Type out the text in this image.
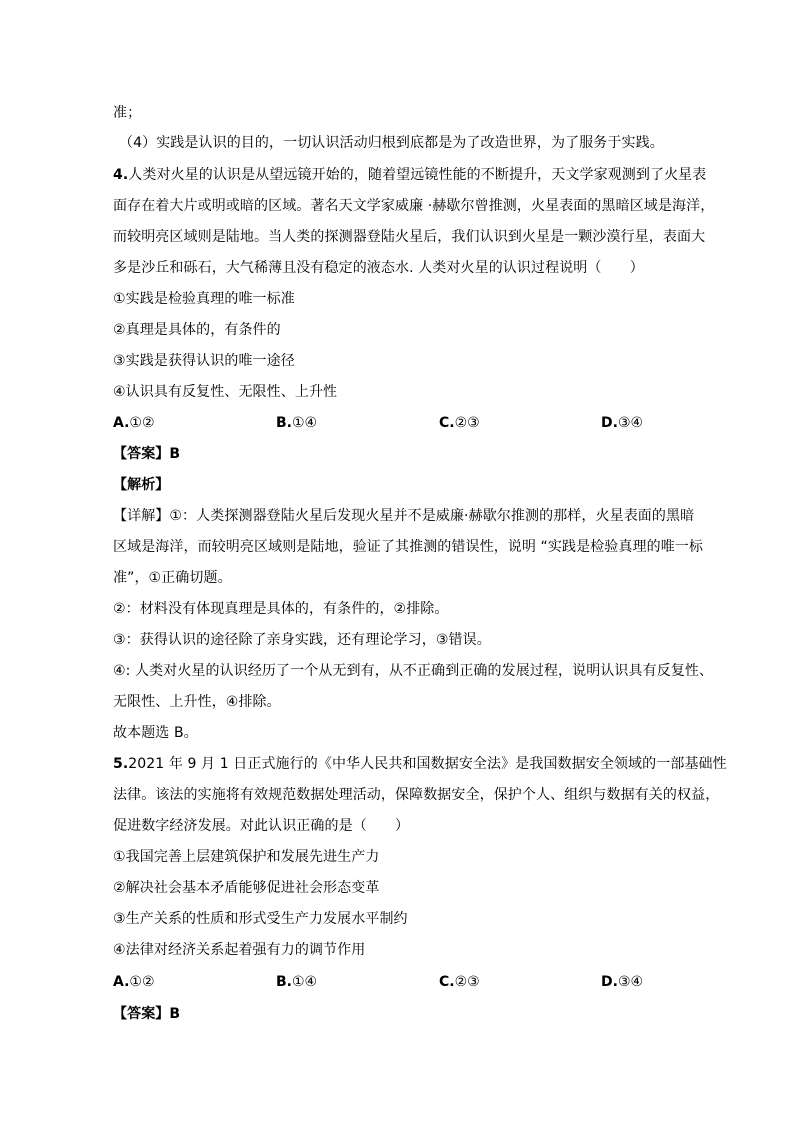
准；
（4）实践是认识的目的，一切认识活动归根到底都是为了改造世界，为了服务于实践。
4.人类对火星的认识是从望远镜开始的，随着望远镜性能的不断提升，天文学家观测到了火星表
面存在着大片或明或暗的区域。著名天文学家威廉 ·赫歇尔曾推测，火星表面的黑暗区域是海洋，
而较明亮区域则是陆地。当人类的探测器登陆火星后，我们认识到火星是一颗沙漠行星，表面大
多是沙丘和砾石，大气稀薄且没有稳定的液态水. 人类对火星的认识过程说明（　　）
①实践是检验真理的唯一标准
②真理是具体的，有条件的
③实践是获得认识的唯一途径
④认识具有反复性、无限性、上升性
A.①②	B.①④	C.②③	D.③④
【答案】B
【解析】
【详解】①：人类探测器登陆火星后发现火星并不是威廉·赫歇尔推测的那样，火星表面的黑暗
区域是海洋，而较明亮区域则是陆地，验证了其推测的错误性，说明 “实践是检验真理的唯一标
准”，①正确切题。
②：材料没有体现真理是具体的，有条件的，②排除。
③：获得认识的途径除了亲身实践，还有理论学习，③错误。
④: 人类对火星的认识经历了一个从无到有，从不正确到正确的发展过程，说明认识具有反复性、
无限性、上升性，④排除。
故本题选 B。
5.2021 年 9 月 1 日正式施行的《中华人民共和国数据安全法》是我国数据安全领域的一部基础性
法律。该法的实施将有效规范数据处理活动，保障数据安全，保护个人、组织与数据有关的权益，
促进数字经济发展。对此认识正确的是（　　）
①我国完善上层建筑保护和发展先进生产力
②解决社会基本矛盾能够促进社会形态变革
③生产关系的性质和形式受生产力发展水平制约
④法律对经济关系起着强有力的调节作用
A.①②	B.①④	C.②③	D.③④
【答案】B
